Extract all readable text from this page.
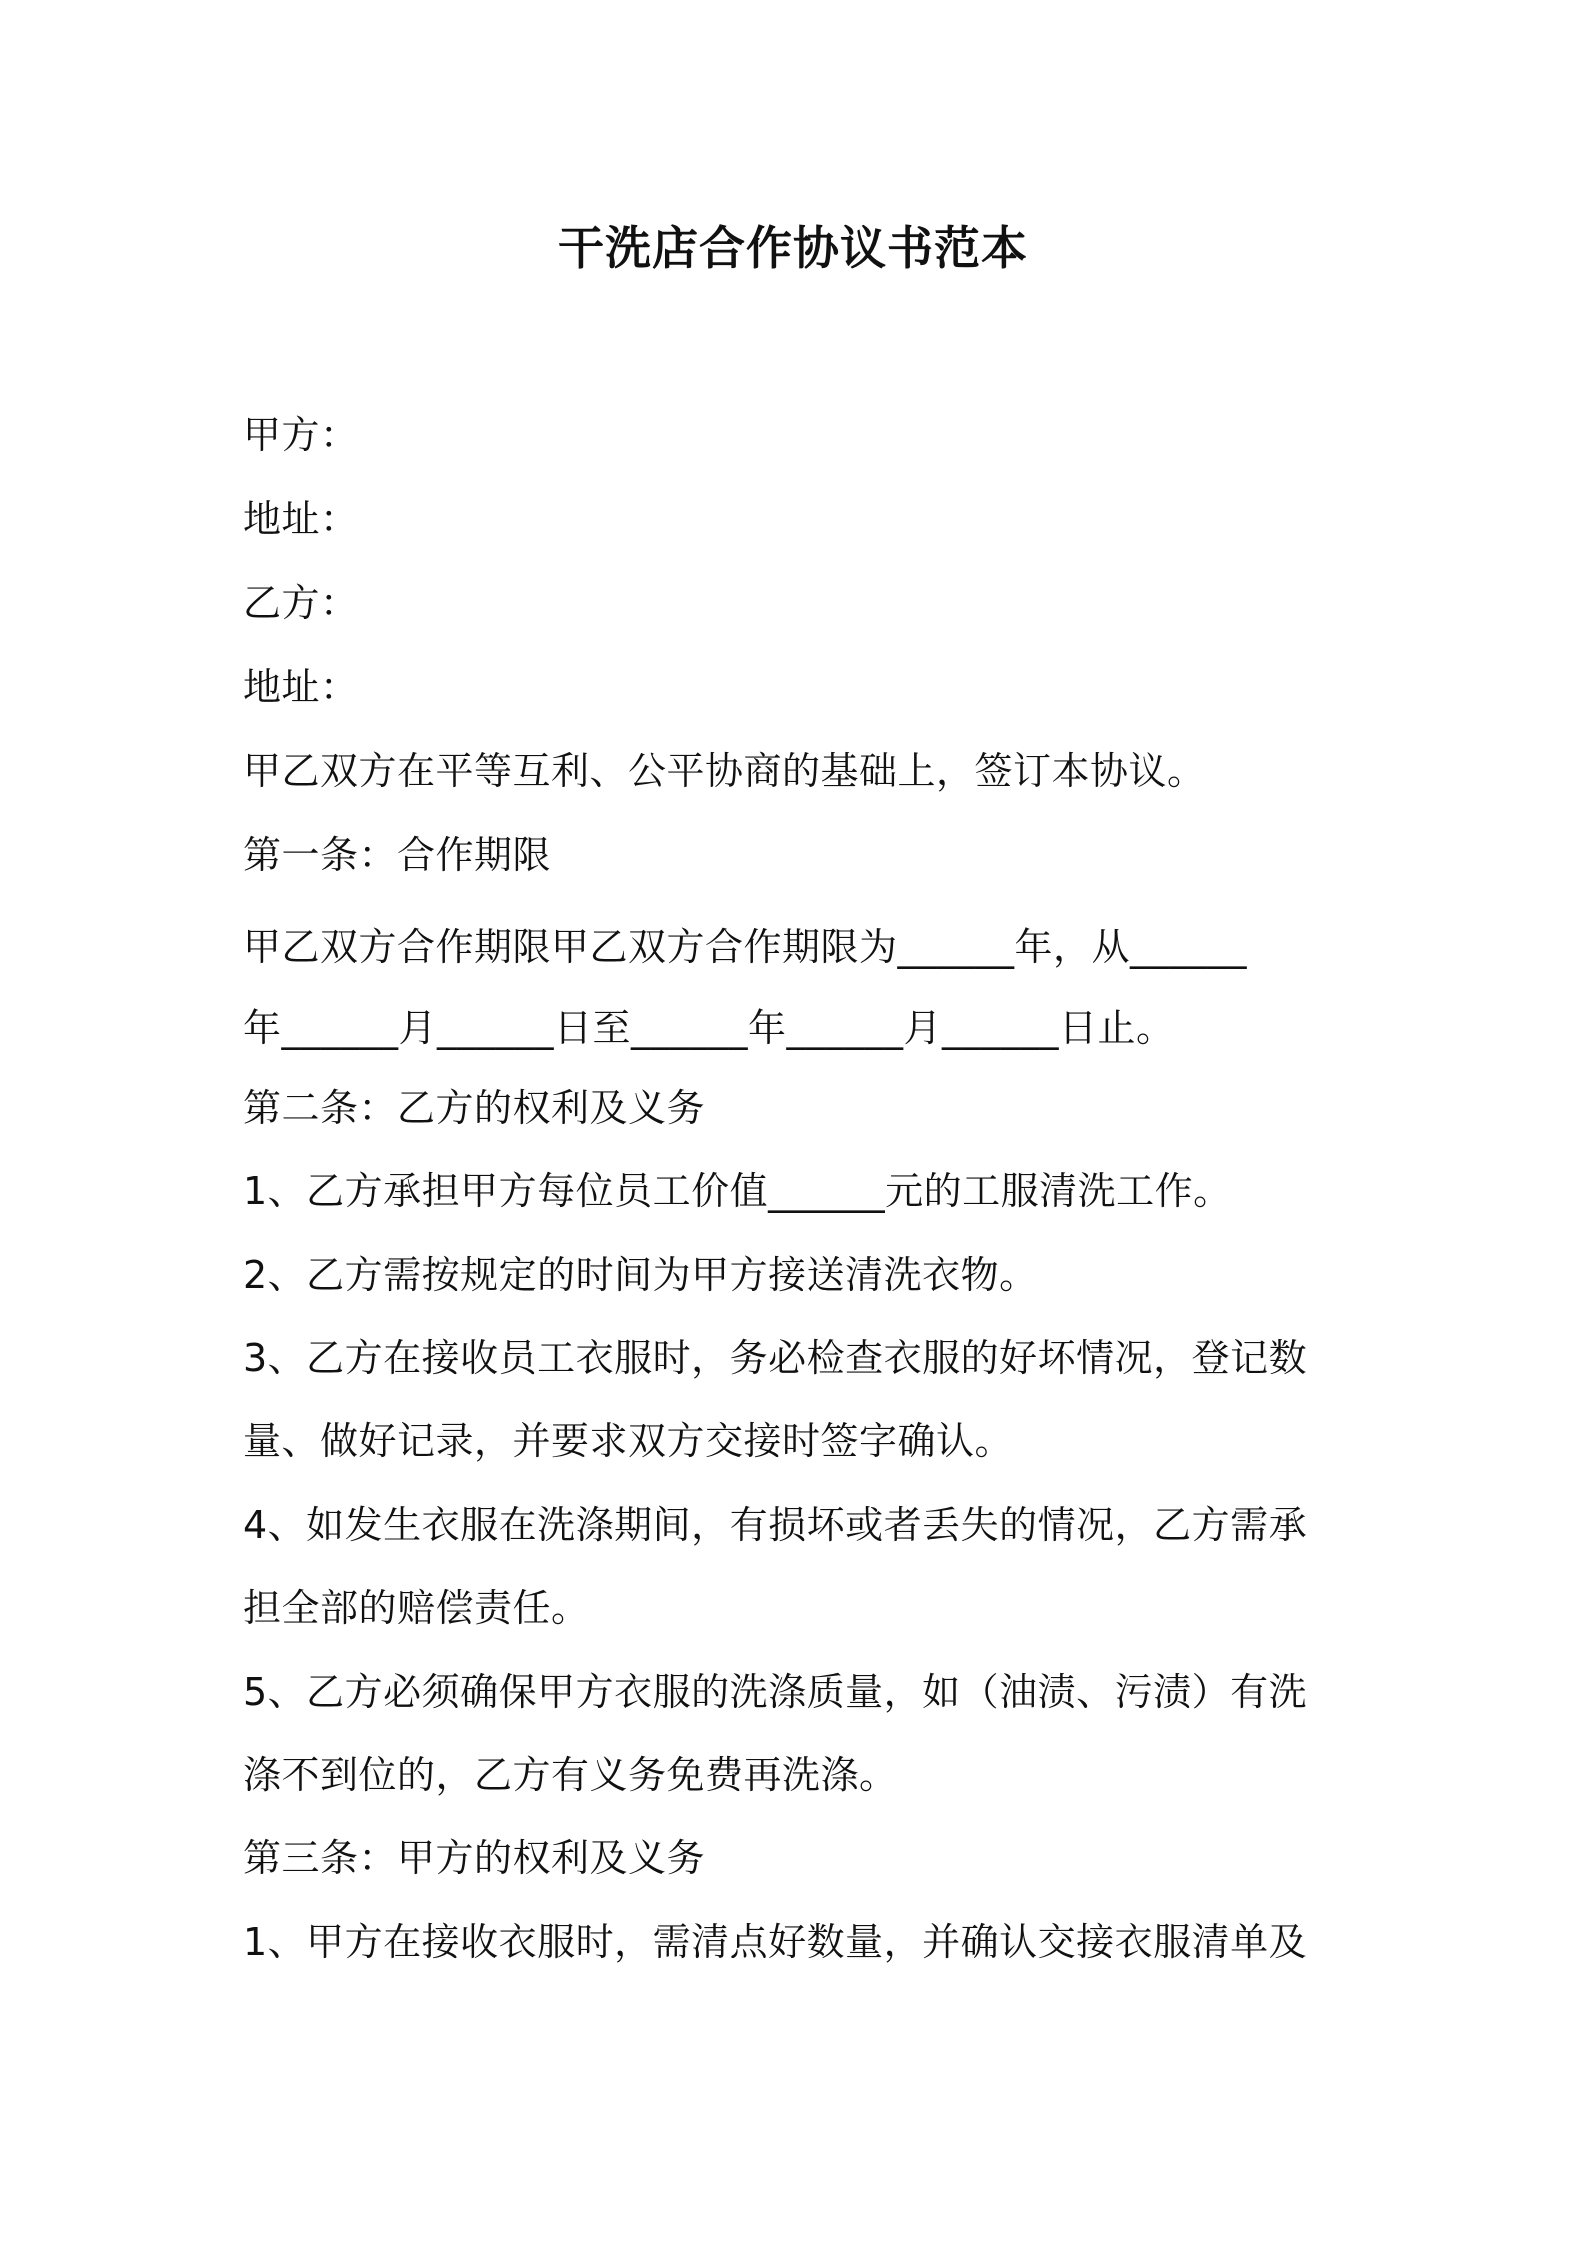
干洗店合作协议书范本
甲方：
地址：
乙方：
地址：
甲乙双方在平等互利、公平协商的基础上，签订本协议。
第一条：合作期限
甲乙双方合作期限甲乙双方合作期限为______年，从______
年______月______日至______年______月______日止。
第二条：乙方的权利及义务
1、乙方承担甲方每位员工价值______元的工服清洗工作。
2、乙方需按规定的时间为甲方接送清洗衣物。
3、乙方在接收员工衣服时，务必检查衣服的好坏情况，登记数
量、做好记录，并要求双方交接时签字确认。
4、如发生衣服在洗涤期间，有损坏或者丢失的情况，乙方需承
担全部的赔偿责任。
5、乙方必须确保甲方衣服的洗涤质量，如（油渍、污渍）有洗
涤不到位的，乙方有义务免费再洗涤。
第三条：甲方的权利及义务
1、甲方在接收衣服时，需清点好数量，并确认交接衣服清单及
